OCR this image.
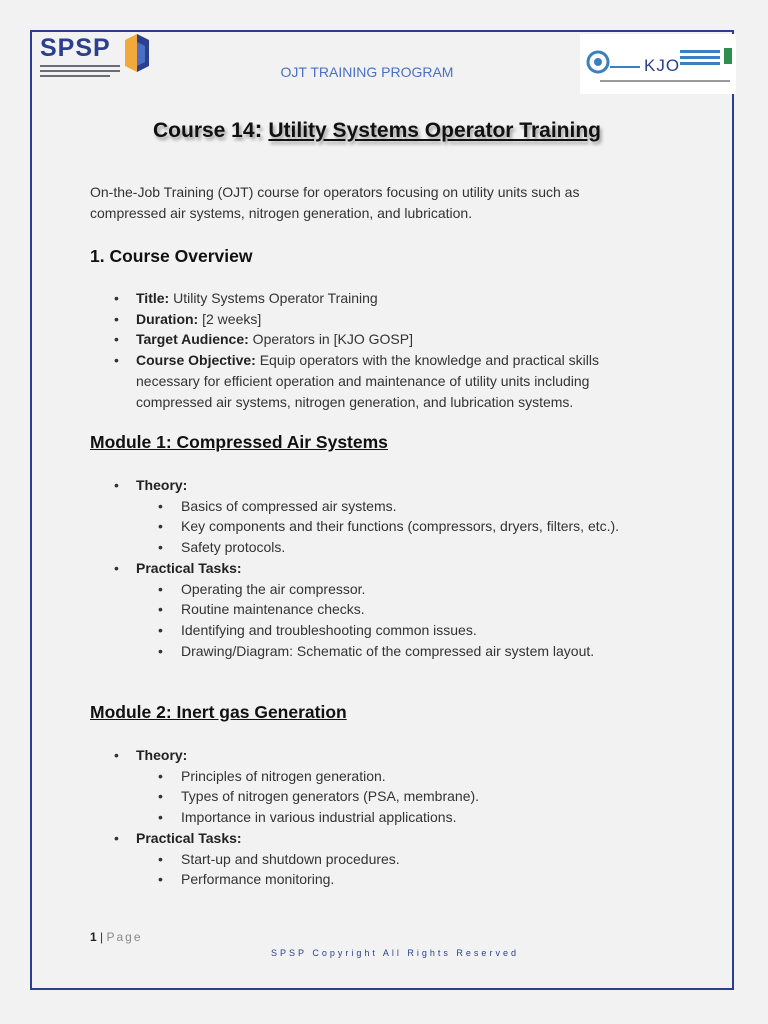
SPSP
OJT TRAINING PROGRAM	KJO
Course 14: Utility Systems Operator Training
On-the-Job Training (OJT) course for operators focusing on utility units such as compressed air systems, nitrogen generation, and lubrication.
1. Course Overview
• Title: Utility Systems Operator Training
• Duration: [2 weeks]
• Target Audience: Operators in [KJO GOSP]
• Course Objective: Equip operators with the knowledge and practical skills necessary for efficient operation and maintenance of utility units including compressed air systems, nitrogen generation, and lubrication systems.
Module 1: Compressed Air Systems
• Theory:
• Basics of compressed air systems.
• Key components and their functions (compressors, dryers, filters, etc.).
• Safety protocols.
• Practical Tasks:
• Operating the air compressor.
• Routine maintenance checks.
• Identifying and troubleshooting common issues.
• Drawing/Diagram: Schematic of the compressed air system layout.
Module 2: Inert gas Generation
• Theory:
• Principles of nitrogen generation.
• Types of nitrogen generators (PSA, membrane).
• Importance in various industrial applications.
• Practical Tasks:
• Start-up and shutdown procedures.
• Performance monitoring.
1 | Page
SPSP Copyright All Rights Reserved
